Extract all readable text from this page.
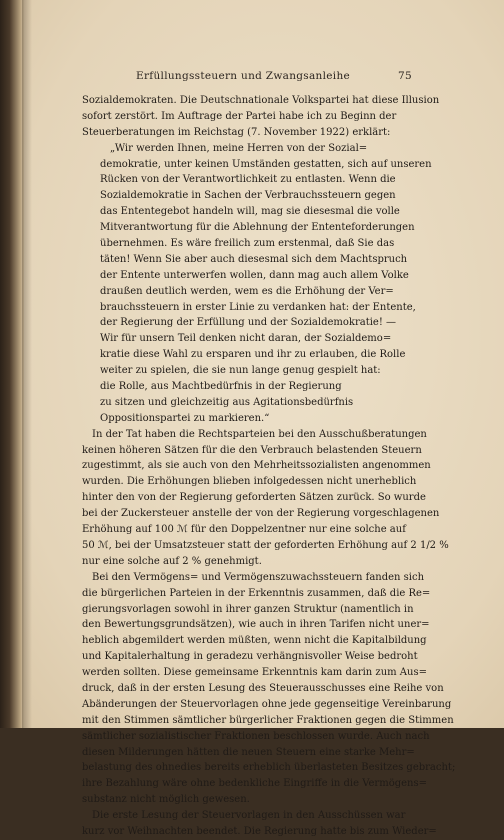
Erfüllungssteuern und Zwangsanleihe	75
Sozialdemokraten. Die Deutschnationale Volkspartei hat diese Illusion
sofort zerstört. Im Auftrage der Partei habe ich zu Beginn der
Steuerberatungen im Reichstag (7. November 1922) erklärt:
„Wir werden Ihnen, meine Herren von der Sozial=
demokratie, unter keinen Umständen gestatten, sich auf unseren
Rücken von der Verantwortlichkeit zu entlasten. Wenn die
Sozialdemokratie in Sachen der Verbrauchssteuern gegen
das Ententegebot handeln will, mag sie diesesmal die volle
Mitverantwortung für die Ablehnung der Ententeforderungen
übernehmen. Es wäre freilich zum erstenmal, daß Sie das
täten! Wenn Sie aber auch diesesmal sich dem Machtspruch
der Entente unterwerfen wollen, dann mag auch allem Volke
draußen deutlich werden, wem es die Erhöhung der Ver=
brauchssteuern in erster Linie zu verdanken hat: der Entente,
der Regierung der Erfüllung und der Sozialdemokratie! —
Wir für unsern Teil denken nicht daran, der Sozialdemo=
kratie diese Wahl zu ersparen und ihr zu erlauben, die Rolle
weiter zu spielen, die sie nun lange genug gespielt hat:
die Rolle, aus Machtbedürfnis in der Regierung
zu sitzen und gleichzeitig aus Agitationsbedürfnis
Oppositionspartei zu markieren.“
In der Tat haben die Rechtsparteien bei den Ausschußberatungen
keinen höheren Sätzen für die den Verbrauch belastenden Steuern
zugestimmt, als sie auch von den Mehrheitssozialisten angenommen
wurden. Die Erhöhungen blieben infolgedessen nicht unerheblich
hinter den von der Regierung geforderten Sätzen zurück. So wurde
bei der Zuckersteuer anstelle der von der Regierung vorgeschlagenen
Erhöhung auf 100 ℳ für den Doppelzentner nur eine solche auf
50 ℳ, bei der Umsatzsteuer statt der geforderten Erhöhung auf 2 1/2 %
nur eine solche auf 2 % genehmigt.
Bei den Vermögens= und Vermögenszuwachssteuern fanden sich
die bürgerlichen Parteien in der Erkenntnis zusammen, daß die Re=
gierungsvorlagen sowohl in ihrer ganzen Struktur (namentlich in
den Bewertungsgrundsätzen), wie auch in ihren Tarifen nicht uner=
heblich abgemildert werden müßten, wenn nicht die Kapitalbildung
und Kapitalerhaltung in geradezu verhängnisvoller Weise bedroht
werden sollten. Diese gemeinsame Erkenntnis kam darin zum Aus=
druck, daß in der ersten Lesung des Steuerausschusses eine Reihe von
Abänderungen der Steuervorlagen ohne jede gegenseitige Vereinbarung
mit den Stimmen sämtlicher bürgerlicher Fraktionen gegen die Stimmen
sämtlicher sozialistischer Fraktionen beschlossen wurde. Auch nach
diesen Milderungen hätten die neuen Steuern eine starke Mehr=
belastung des ohnedies bereits erheblich überlasteten Besitzes gebracht;
ihre Bezahlung wäre ohne bedenkliche Eingriffe in die Vermögens=
substanz nicht möglich gewesen.
Die erste Lesung der Steuervorlagen in den Ausschüssen war
kurz vor Weihnachten beendet. Die Regierung hatte bis zum Wieder=
